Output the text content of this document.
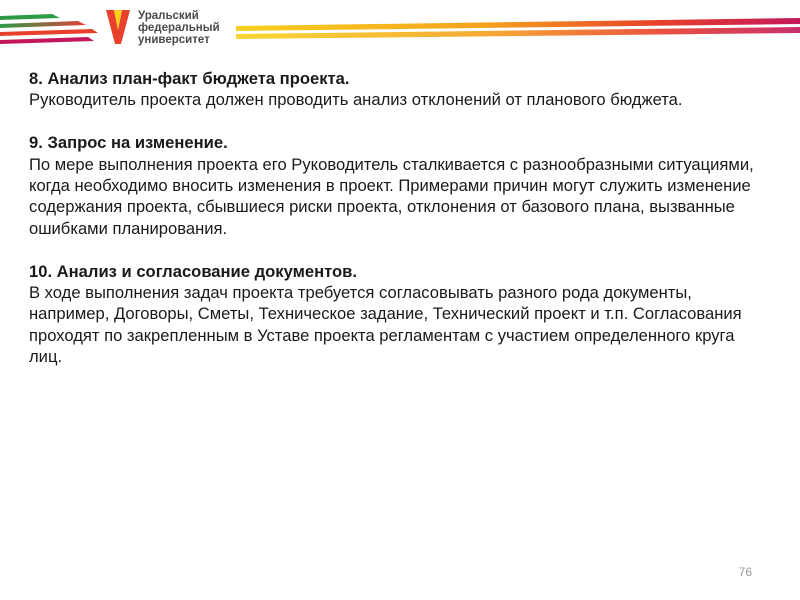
Уральский
федеральный
университет
8. Анализ план-факт бюджета проекта.
Руководитель проекта должен проводить анализ отклонений от планового бюджета.
9. Запрос на изменение.
По мере выполнения проекта его Руководитель сталкивается с разнообразными ситуациями, когда необходимо вносить изменения в проект. Примерами причин могут служить изменение содержания проекта, сбывшиеся риски проекта, отклонения от базового плана, вызванные ошибками планирования.
10. Анализ и согласование документов.
В ходе выполнения задач проекта требуется согласовывать разного рода документы, например, Договоры, Сметы, Техническое задание, Технический проект и т.п. Согласования проходят по закрепленным в Уставе проекта регламентам с участием определенного круга лиц.
76
